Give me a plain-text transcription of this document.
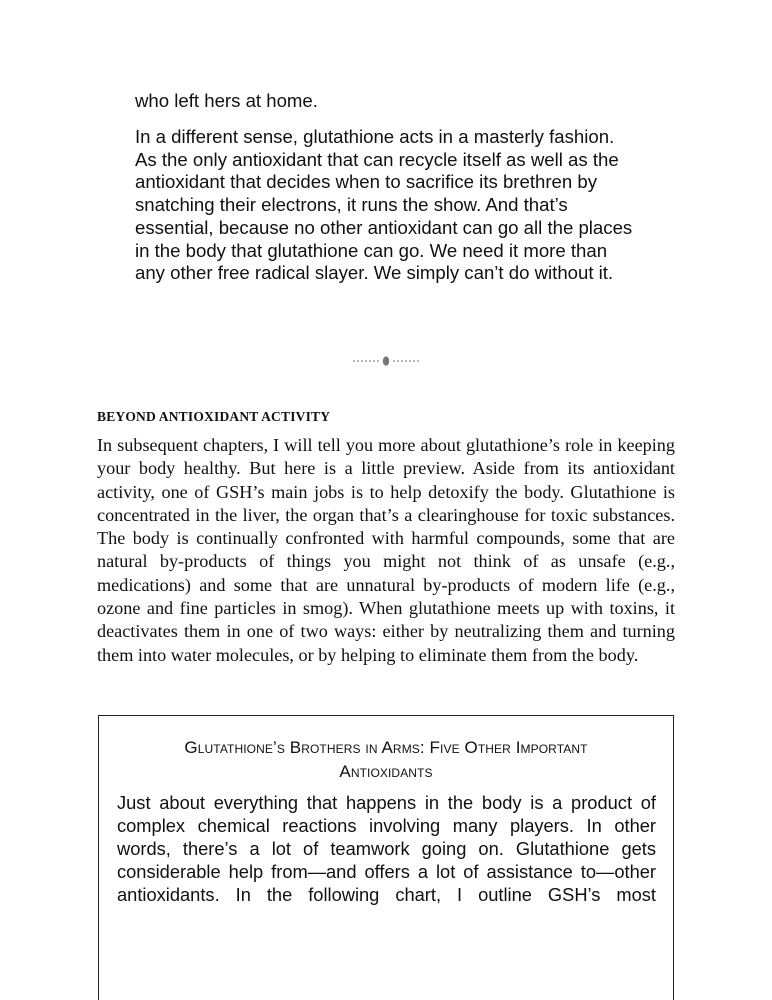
who left hers at home.

In a different sense, glutathione acts in a masterly fashion. As the only antioxidant that can recycle itself as well as the antioxidant that decides when to sacrifice its brethren by snatching their electrons, it runs the show. And that’s essential, because no other antioxidant can go all the places in the body that glutathione can go. We need it more than any other free radical slayer. We simply can’t do without it.

BEYOND ANTIOXIDANT ACTIVITY

In subsequent chapters, I will tell you more about glutathione’s role in keeping your body healthy. But here is a little preview. Aside from its antioxidant activity, one of GSH’s main jobs is to help detoxify the body. Glutathione is concentrated in the liver, the organ that’s a clearinghouse for toxic substances. The body is continually confronted with harmful compounds, some that are natural by-products of things you might not think of as unsafe (e.g., medications) and some that are unnatural by-products of modern life (e.g., ozone and fine particles in smog). When glutathione meets up with toxins, it deactivates them in one of two ways: either by neutralizing them and turning them into water molecules, or by helping to eliminate them from the body.

Glutathione’s Brothers in Arms: Five Other Important
Antioxidants

Just about everything that happens in the body is a product of complex chemical reactions involving many players. In other words, there’s a lot of teamwork going on. Glutathione gets considerable help from—and offers a lot of assistance to—other antioxidants. In the following chart, I outline GSH’s most
